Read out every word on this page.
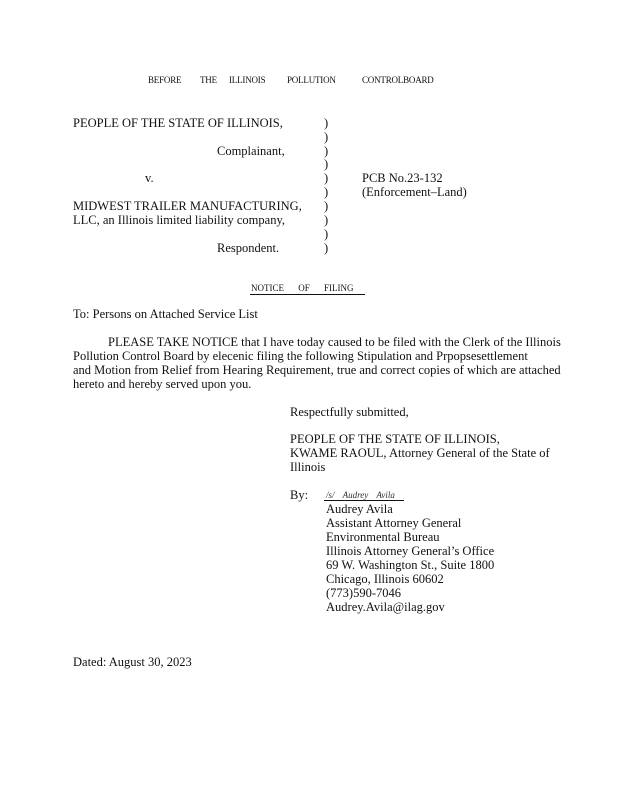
BEFORE THE ILLINOIS POLLUTION	CONTROLBOARD
PEOPLE OF THE STATE OF ILLINOIS,
Complainant,
v.
MIDWEST TRAILER MANUFACTURING,
LLC, an Illinois limited liability company,
Respondent.
PCB No.23-132
(Enforcement–Land)
)
)
)
)
)
)
)
)
)
)
NOTICE OF FILING
To: Persons on Attached Service List
PLEASE TAKE NOTICE that I have today caused to be filed with the Clerk of the Illinois
Pollution Control Board by elecenic filing the following Stipulation and Prpopsesettlement
and Motion from Relief from Hearing Requirement, true and correct copies of which are attached
hereto and hereby served upon you.
Respectfully submitted,
PEOPLE OF THE STATE OF ILLINOIS,
KWAME RAOUL, Attorney General of the State of
Illinois
By: /s/ Audrey Avila
Audrey Avila
Assistant Attorney General
Environmental Bureau
Illinois Attorney General’s Office
69 W. Washington St., Suite 1800
Chicago, Illinois 60602
(773)590-7046
Audrey.Avila@ilag.gov
Dated: August 30, 2023
